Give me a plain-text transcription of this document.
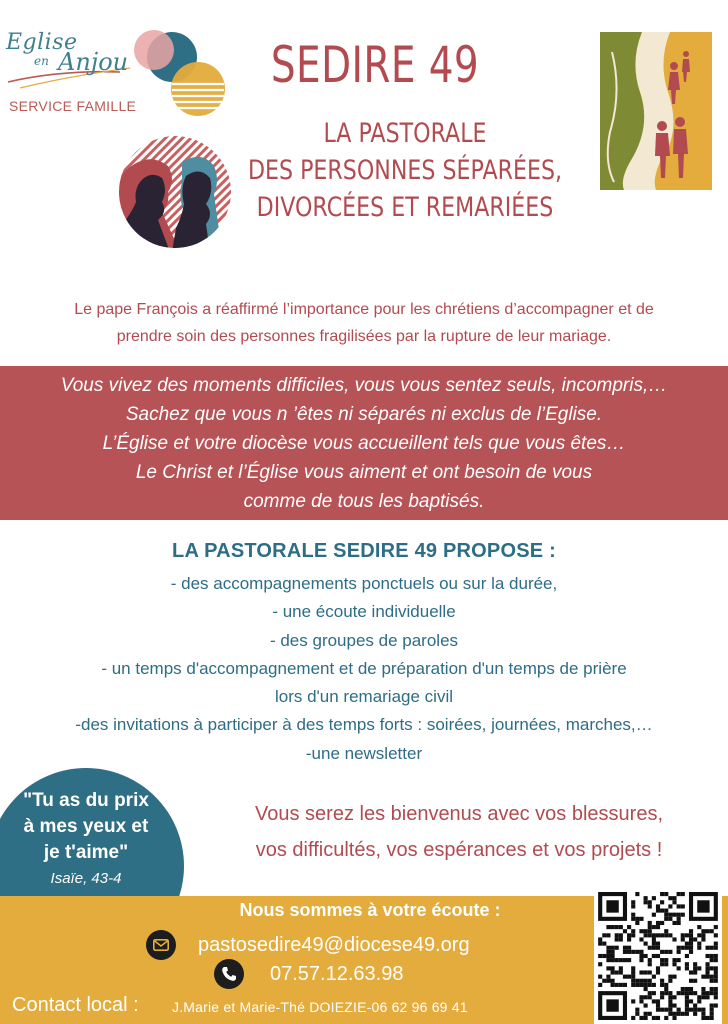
Eglise
en Anjou
SERVICE FAMILLE
SEDIRE 49
LA PASTORALE
DES PERSONNES SÉPARÉES,
DIVORCÉES ET REMARIÉES
Le pape François a réaffirmé l’importance pour les chrétiens d’accompagner et de
prendre soin des personnes fragilisées par la rupture de leur mariage.
Vous vivez des moments difficiles, vous vous sentez seuls, incompris,…
Sachez que vous n ’êtes ni séparés ni exclus de l’Eglise.
L’Église et votre diocèse vous accueillent tels que vous êtes…
Le Christ et l’Église vous aiment et ont besoin de vous
comme de tous les baptisés.
LA PASTORALE SEDIRE 49 PROPOSE :
- des accompagnements ponctuels ou sur la durée,
- une écoute individuelle
- des groupes de paroles
- un temps d'accompagnement et de préparation d'un temps de prière
lors d'un remariage civil
-des invitations à participer à des temps forts : soirées, journées, marches,…
-une newsletter
"Tu as du prix
à mes yeux et
je t'aime"
Isaïe, 43-4
Vous serez les bienvenus avec vos blessures,
vos difficultés, vos espérances et vos projets !
Nous sommes à votre écoute :
pastosedire49@diocese49.org
07.57.12.63.98
Contact local : J.Marie et Marie-Thé DOIEZIE-06 62 96 69 41
